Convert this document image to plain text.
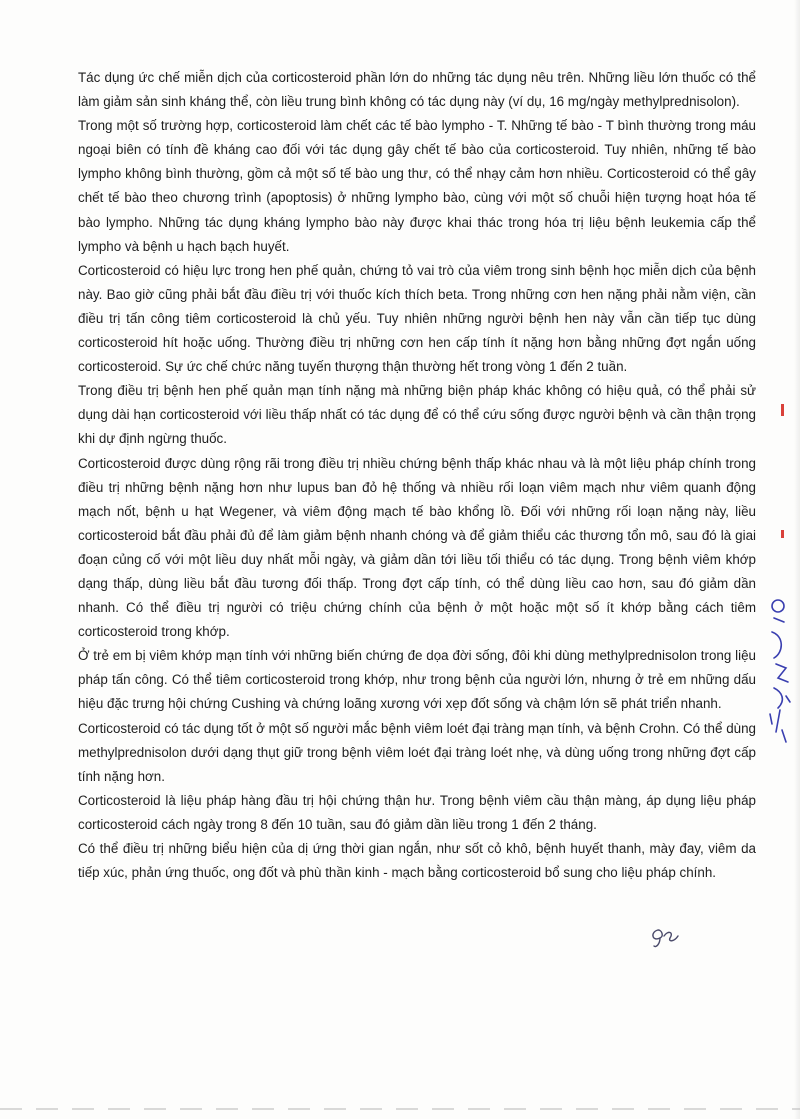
Tác dụng ức chế miễn dịch của corticosteroid phần lớn do những tác dụng nêu trên. Những liều lớn thuốc có thể làm giảm sản sinh kháng thể, còn liều trung bình không có tác dụng này (ví dụ, 16 mg/ngày methylprednisolon).

Trong một số trường hợp, corticosteroid làm chết các tế bào lympho - T. Những tế bào - T bình thường trong máu ngoại biên có tính đề kháng cao đối với tác dụng gây chết tế bào của corticosteroid. Tuy nhiên, những tế bào lympho không bình thường, gồm cả một số tế bào ung thư, có thể nhạy cảm hơn nhiều. Corticosteroid có thể gây chết tế bào theo chương trình (apoptosis) ở những lympho bào, cùng với một số chuỗi hiện tượng hoạt hóa tế bào lympho. Những tác dụng kháng lympho bào này được khai thác trong hóa trị liệu bệnh leukemia cấp thể lympho và bệnh u hạch bạch huyết.

Corticosteroid có hiệu lực trong hen phế quản, chứng tỏ vai trò của viêm trong sinh bệnh học miễn dịch của bệnh này. Bao giờ cũng phải bắt đầu điều trị với thuốc kích thích beta. Trong những cơn hen nặng phải nằm viện, cần điều trị tấn công tiêm corticosteroid là chủ yếu. Tuy nhiên những người bệnh hen này vẫn cần tiếp tục dùng corticosteroid hít hoặc uống. Thường điều trị những cơn hen cấp tính ít nặng hơn bằng những đợt ngắn uống corticosteroid. Sự ức chế chức năng tuyến thượng thận thường hết trong vòng 1 đến 2 tuần.

Trong điều trị bệnh hen phế quản mạn tính nặng mà những biện pháp khác không có hiệu quả, có thể phải sử dụng dài hạn corticosteroid với liều thấp nhất có tác dụng để có thể cứu sống được người bệnh và cần thận trọng khi dự định ngừng thuốc.

Corticosteroid được dùng rộng rãi trong điều trị nhiều chứng bệnh thấp khác nhau và là một liệu pháp chính trong điều trị những bệnh nặng hơn như lupus ban đỏ hệ thống và nhiều rối loạn viêm mạch như viêm quanh động mạch nốt, bệnh u hạt Wegener, và viêm động mạch tế bào khổng lồ. Đối với những rối loạn nặng này, liều corticosteroid bắt đầu phải đủ để làm giảm bệnh nhanh chóng và để giảm thiểu các thương tổn mô, sau đó là giai đoạn củng cố với một liều duy nhất mỗi ngày, và giảm dần tới liều tối thiểu có tác dụng. Trong bệnh viêm khớp dạng thấp, dùng liều bắt đầu tương đối thấp. Trong đợt cấp tính, có thể dùng liều cao hơn, sau đó giảm dần nhanh. Có thể điều trị người có triệu chứng chính của bệnh ở một hoặc một số ít khớp bằng cách tiêm corticosteroid trong khớp.

Ở trẻ em bị viêm khớp mạn tính với những biến chứng đe dọa đời sống, đôi khi dùng methylprednisolon trong liệu pháp tấn công. Có thể tiêm corticosteroid trong khớp, như trong bệnh của người lớn, nhưng ở trẻ em những dấu hiệu đặc trưng hội chứng Cushing và chứng loãng xương với xẹp đốt sống và chậm lớn sẽ phát triển nhanh.

Corticosteroid có tác dụng tốt ở một số người mắc bệnh viêm loét đại tràng mạn tính, và bệnh Crohn. Có thể dùng methylprednisolon dưới dạng thụt giữ trong bệnh viêm loét đại tràng loét nhẹ, và dùng uống trong những đợt cấp tính nặng hơn.

Corticosteroid là liệu pháp hàng đầu trị hội chứng thận hư. Trong bệnh viêm cầu thận màng, áp dụng liệu pháp corticosteroid cách ngày trong 8 đến 10 tuần, sau đó giảm dần liều trong 1 đến 2 tháng.

Có thể điều trị những biểu hiện của dị ứng thời gian ngắn, như sốt cỏ khô, bệnh huyết thanh, mày đay, viêm da tiếp xúc, phản ứng thuốc, ong đốt và phù thần kinh - mạch bằng corticosteroid bổ sung cho liệu pháp chính.
